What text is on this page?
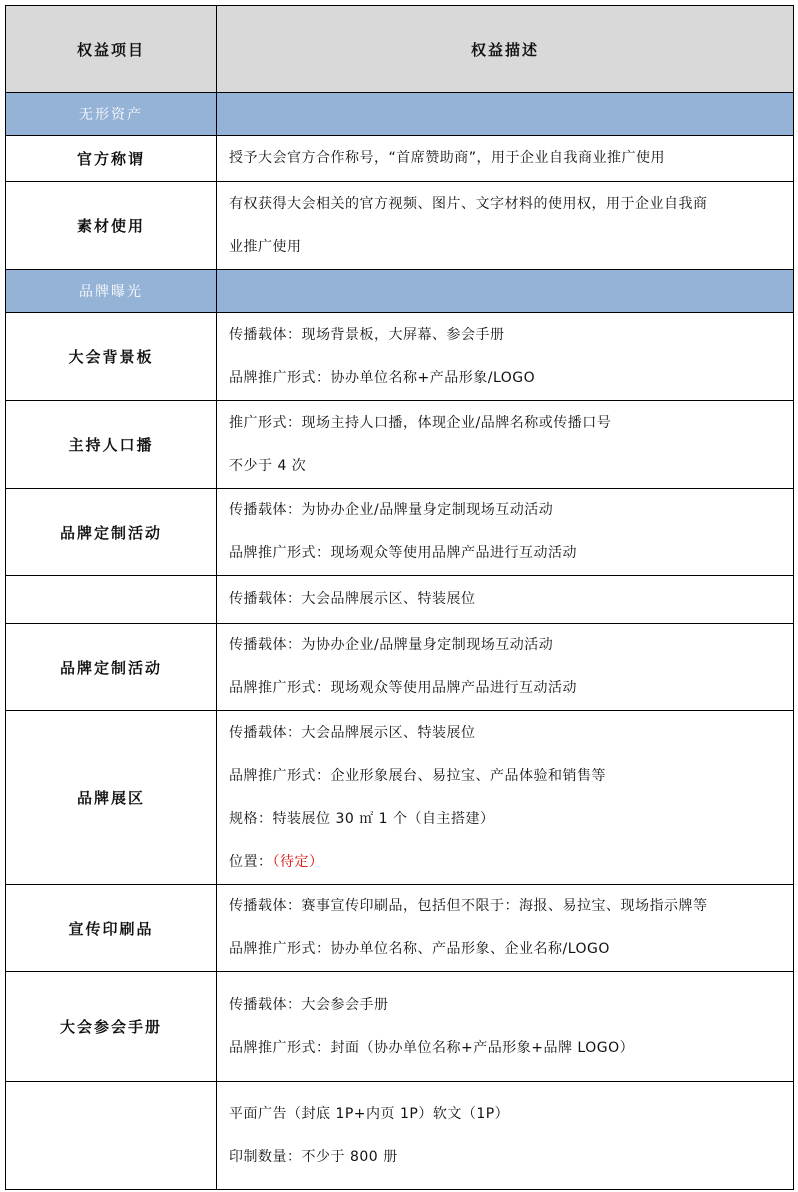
权益项目	权益描述
无形资产	
官方称谓	授予大会官方合作称号，“首席赞助商”，用于企业自我商业推广使用

素材使用	有权获得大会相关的官方视频、图片、文字材料的使用权，用于企业自我商
业推广使用

品牌曝光	
大会背景板	传播载体：现场背景板，大屏幕、参会手册
品牌推广形式：协办单位名称+产品形象/LOGO

主持人口播	推广形式：现场主持人口播，体现企业/品牌名称或传播口号
不少于 4 次

品牌定制活动	传播载体：为协办企业/品牌量身定制现场互动活动
品牌推广形式：现场观众等使用品牌产品进行互动活动

	传播载体：大会品牌展示区、特装展位

品牌定制活动	传播载体：为协办企业/品牌量身定制现场互动活动
品牌推广形式：现场观众等使用品牌产品进行互动活动

品牌展区	传播载体：大会品牌展示区、特装展位
品牌推广形式：企业形象展台、易拉宝、产品体验和销售等
规格：特装展位 30 ㎡ 1 个（自主搭建）
位置：（待定）

宣传印刷品	传播载体：赛事宣传印刷品，包括但不限于：海报、易拉宝、现场指示牌等
品牌推广形式：协办单位名称、产品形象、企业名称/LOGO

大会参会手册	传播载体：大会参会手册
品牌推广形式：封面（协办单位名称+产品形象+品牌 LOGO）

	平面广告（封底 1P+内页 1P）软文（1P）
印制数量：不少于 800 册
